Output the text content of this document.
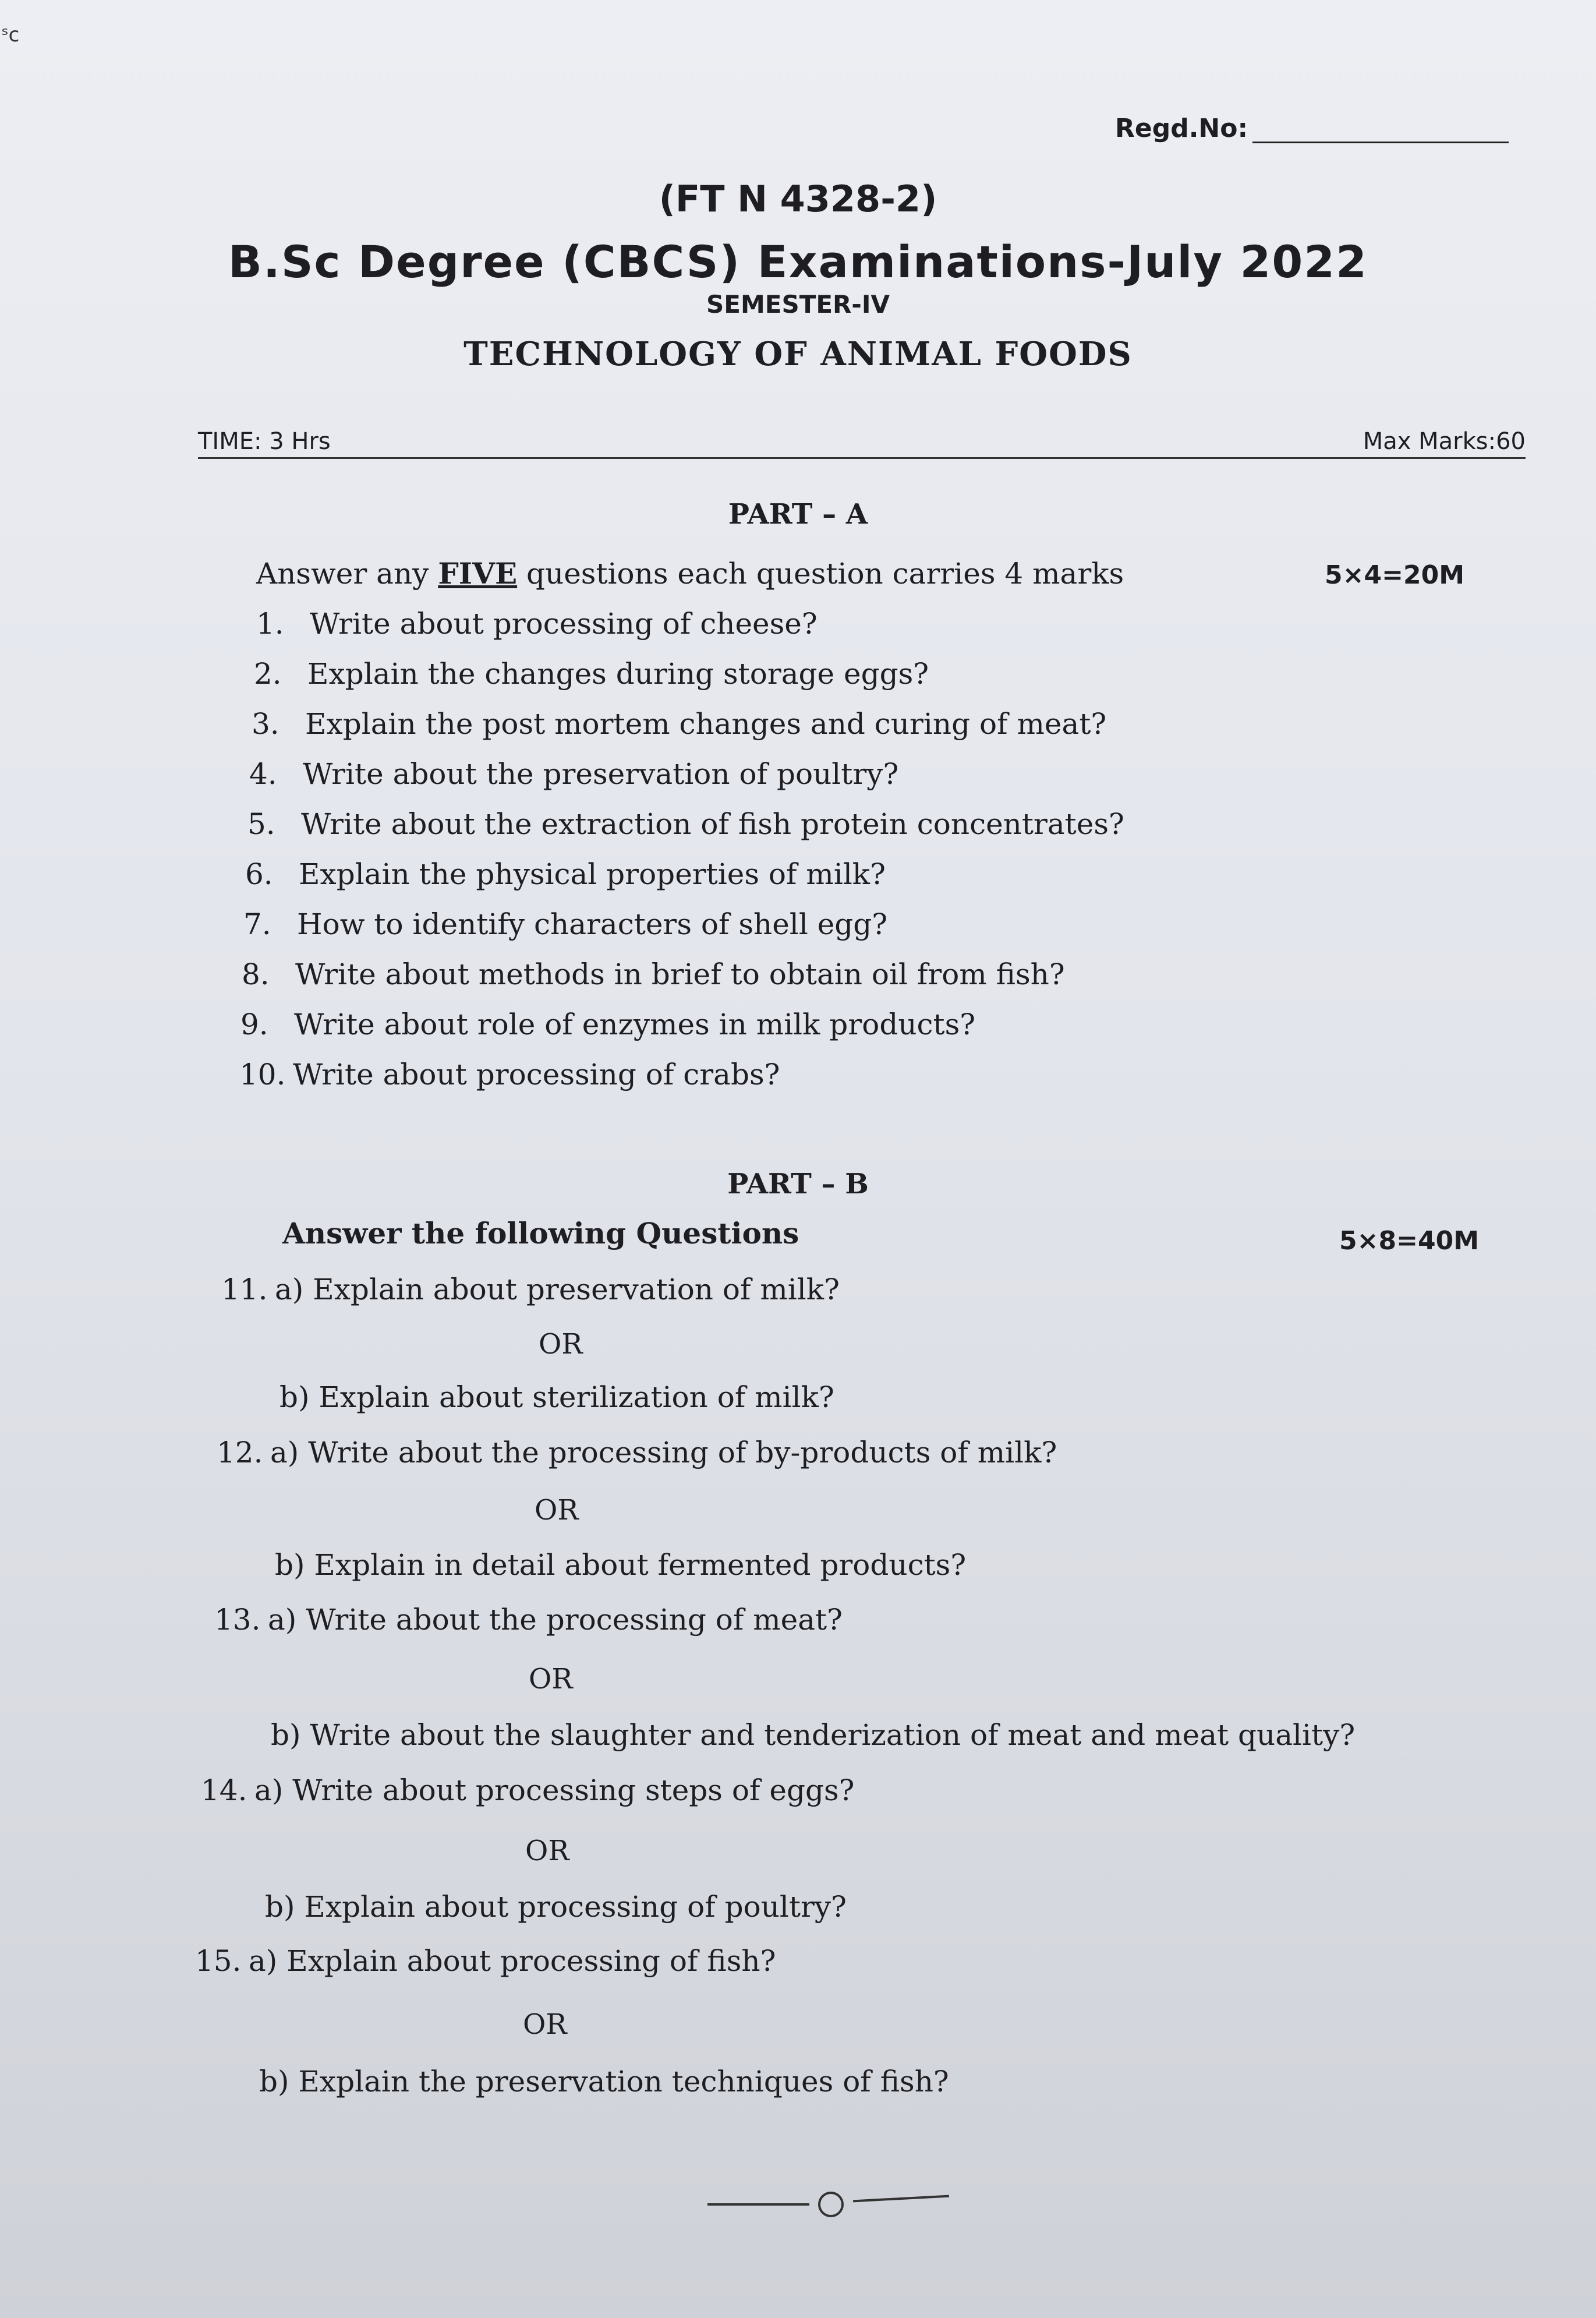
ˢc
Regd.No:
(FT N 4328-2)
B.Sc Degree (CBCS) Examinations-July 2022
SEMESTER-IV
TECHNOLOGY OF ANIMAL FOODS
TIME: 3 Hrs	Max Marks:60
PART – A
Answer any FIVE questions each question carries 4 marks	5×4=20M
1. Write about processing of cheese?
2. Explain the changes during storage eggs?
3. Explain the post mortem changes and curing of meat?
4. Write about the preservation of poultry?
5. Write about the extraction of fish protein concentrates?
6. Explain the physical properties of milk?
7. How to identify characters of shell egg?
8. Write about methods in brief to obtain oil from fish?
9. Write about role of enzymes in milk products?
10. Write about processing of crabs?
PART – B
Answer the following Questions	5×8=40M
11. a) Explain about preservation of milk?
OR
b) Explain about sterilization of milk?
12. a) Write about the processing of by-products of milk?
OR
b) Explain in detail about fermented products?
13. a) Write about the processing of meat?
OR
b) Write about the slaughter and tenderization of meat and meat quality?
14. a) Write about processing steps of eggs?
OR
b) Explain about processing of poultry?
15. a) Explain about processing of fish?
OR
b) Explain the preservation techniques of fish?
